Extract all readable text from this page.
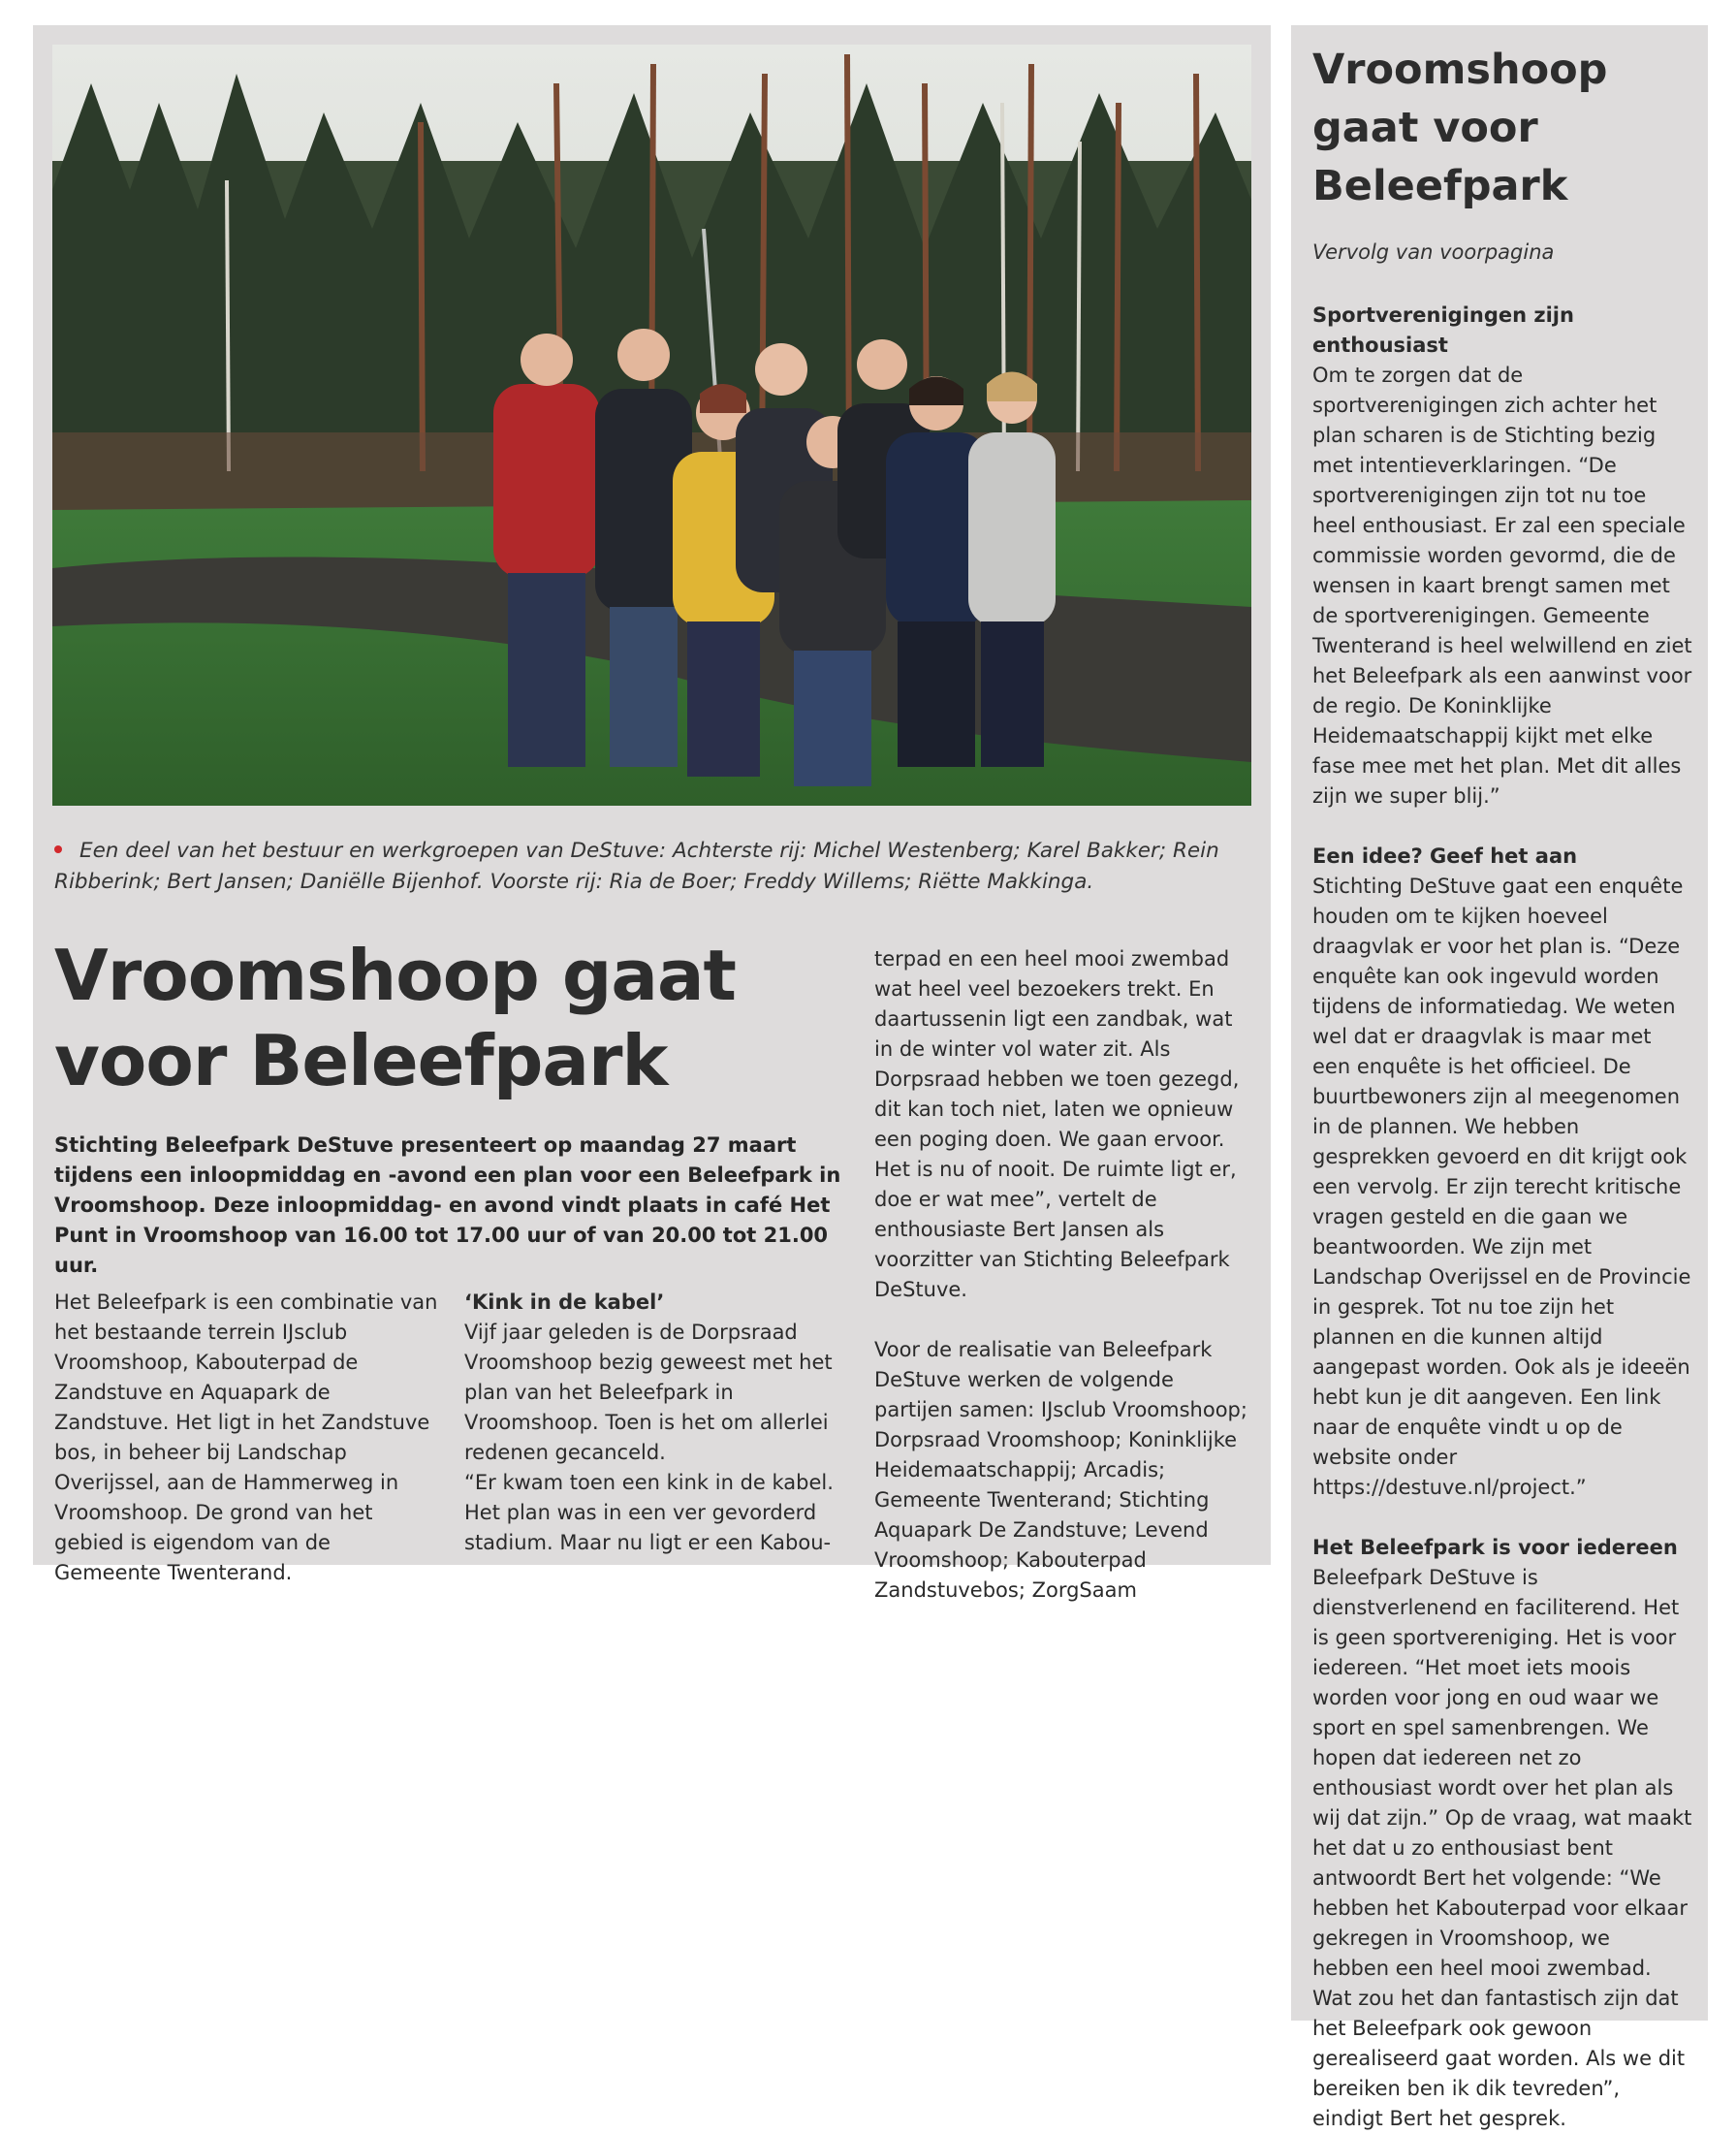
Een deel van het bestuur en werkgroepen van DeStuve: Achterste rij: Michel Westenberg; Karel Bakker; Rein Ribberink; Bert Jansen; Daniëlle Bijenhof. Voorste rij: Ria de Boer; Freddy Willems; Riëtte Makkinga.
Vroomshoop gaat voor Beleefpark

Stichting Beleefpark DeStuve presenteert op maandag 27 maart tijdens een inloopmiddag en -avond een plan voor een Beleefpark in Vroomshoop. Deze inloopmiddag- en avond vindt plaats in café Het Punt in Vroomshoop van 16.00 tot 17.00 uur of van 20.00 tot 21.00 uur.

Het Beleefpark is een combinatie van het bestaande terrein IJsclub Vroomshoop, Kabouterpad de Zandstuve en Aquapark de Zandstuve. Het ligt in het Zandstuve bos, in beheer bij Landschap Overijssel, aan de Hammerweg in Vroomshoop. De grond van het gebied is eigendom van de Gemeente Twenterand.

‘Kink in de kabel’

Vijf jaar geleden is de Dorpsraad Vroomshoop bezig geweest met het plan van het Beleefpark in Vroomshoop. Toen is het om allerlei redenen gecanceld.

“Er kwam toen een kink in de kabel. Het plan was in een ver gevorderd stadium. Maar nu ligt er een Kabou-

terpad en een heel mooi zwembad wat heel veel bezoekers trekt. En daartussenin ligt een zandbak, wat in de winter vol water zit. Als Dorpsraad hebben we toen gezegd, dit kan toch niet, laten we opnieuw een poging doen. We gaan ervoor. Het is nu of nooit. De ruimte ligt er, doe er wat mee”, vertelt de enthousiaste Bert Jansen als voorzitter van Stichting Beleefpark DeStuve.

Voor de realisatie van Beleefpark DeStuve werken de volgende partijen samen: IJsclub Vroomshoop; Dorpsraad Vroomshoop; Koninklijke Heidemaatschappij; Arcadis; Gemeente Twenterand; Stichting Aquapark De Zandstuve; Levend Vroomshoop; Kabouterpad Zandstuvebos; ZorgSaam

Vroomshoop gaat voor Beleefpark
Vervolg van voorpagina

Sportverenigingen zijn enthousiast

Om te zorgen dat de sportverenigingen zich achter het plan scharen is de Stichting bezig met intentieverklaringen. “De sportverenigingen zijn tot nu toe heel enthousiast. Er zal een speciale commissie worden gevormd, die de wensen in kaart brengt samen met de sportverenigingen. Gemeente Twenterand is heel welwillend en ziet het Beleefpark als een aanwinst voor de regio. De Koninklijke Heidemaatschappij kijkt met elke fase mee met het plan. Met dit alles zijn we super blij.”

Een idee? Geef het aan

Stichting DeStuve gaat een enquête houden om te kijken hoeveel draagvlak er voor het plan is. “Deze enquête kan ook ingevuld worden tijdens de informatiedag. We weten wel dat er draagvlak is maar met een enquête is het officieel. De buurtbewoners zijn al meegenomen in de plannen. We hebben gesprekken gevoerd en dit krijgt ook een vervolg. Er zijn terecht kritische vragen gesteld en die gaan we beantwoorden. We zijn met Landschap Overijssel en de Provincie in gesprek. Tot nu toe zijn het plannen en die kunnen altijd aangepast worden. Ook als je ideeën hebt kun je dit aangeven. Een link naar de enquête vindt u op de website onder https://destuve.nl/project.”

Het Beleefpark is voor iedereen

Beleefpark DeStuve is dienstverlenend en faciliterend. Het is geen sportvereniging. Het is voor iedereen. “Het moet iets moois worden voor jong en oud waar we sport en spel samenbrengen. We hopen dat iedereen net zo enthousiast wordt over het plan als wij dat zijn.” Op de vraag, wat maakt het dat u zo enthousiast bent antwoordt Bert het volgende: “We hebben het Kabouterpad voor elkaar gekregen in Vroomshoop, we hebben een heel mooi zwembad. Wat zou het dan fantastisch zijn dat het Beleefpark ook gewoon gerealiseerd gaat worden. Als we dit bereiken ben ik dik tevreden”, eindigt Bert het gesprek.
